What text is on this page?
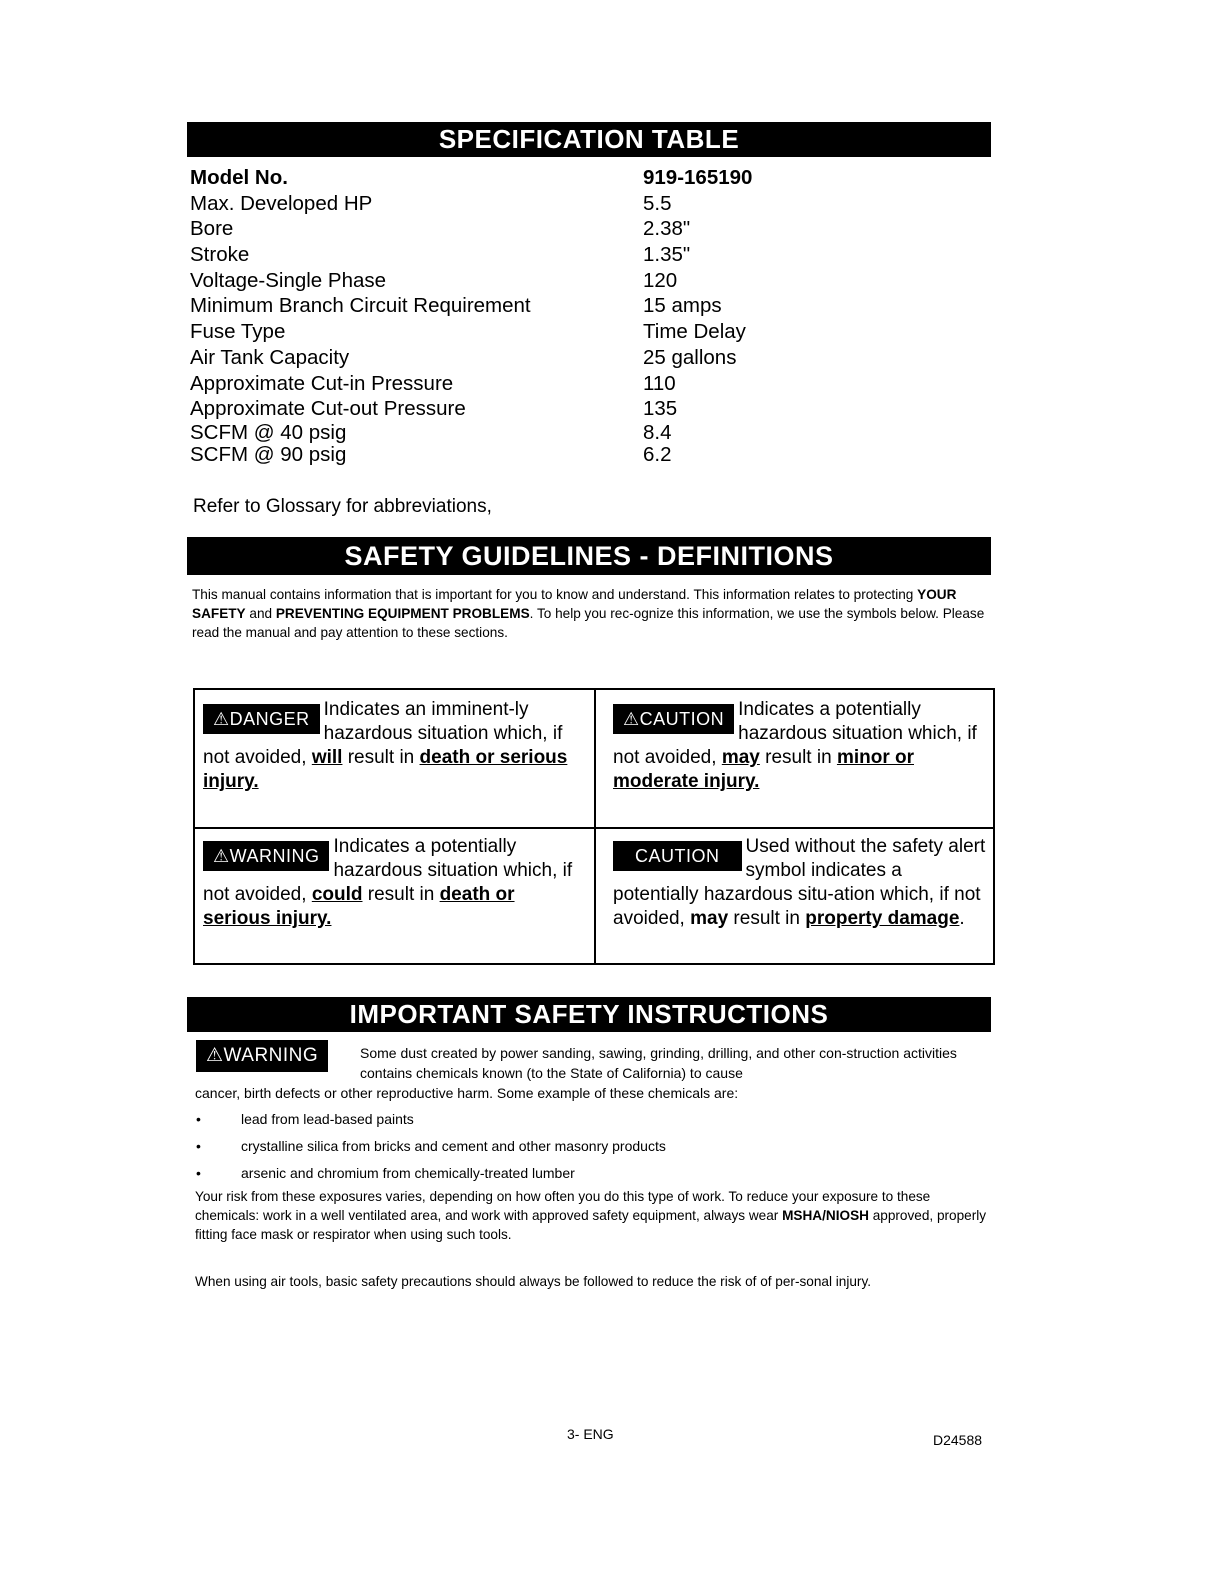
SPECIFICATION TABLE
Model No.	919-165190
Max. Developed HP	5.5
Bore	2.38"
Stroke	1.35"
Voltage-Single Phase	120
Minimum Branch Circuit Requirement	15 amps
Fuse Type	Time Delay
Air Tank Capacity	25 gallons
Approximate Cut-in Pressure	110
Approximate Cut-out Pressure	135
SCFM @ 40 psig	8.4
SCFM @ 90 psig	6.2
Refer to Glossary for abbreviations,
SAFETY GUIDELINES - DEFINITIONS
This manual contains information that is important for you to know and understand. This information relates to protecting YOUR SAFETY and PREVENTING EQUIPMENT PROBLEMS. To help you rec-ognize this information, we use the symbols below. Please read the manual and pay attention to these sections.
⚠DANGER Indicates an imminent-ly hazardous situation which, if not avoided, will result in death or serious injury.
⚠CAUTION Indicates a potentially hazardous situation which, if not avoided, may result in minor or moderate injury.
⚠WARNING Indicates a potentially hazardous situation which, if not avoided, could result in death or serious injury.
CAUTION	Used without the safety alert symbol indicates a potentially hazardous situ-ation which, if not avoided, may result in property damage.
IMPORTANT SAFETY INSTRUCTIONS
⚠WARNING	Some dust created by power sanding, sawing, grinding, drilling, and other con-struction activities contains chemicals known (to the State of California) to cause
cancer, birth defects or other reproductive harm. Some example of these chemicals are:
•	lead from lead-based paints
•	crystalline silica from bricks and cement and other masonry products
•	arsenic and chromium from chemically-treated lumber
Your risk from these exposures varies, depending on how often you do this type of work. To reduce your exposure to these chemicals: work in a well ventilated area, and work with approved safety equipment, always wear MSHA/NIOSH approved, properly fitting face mask or respirator when using such tools.
When using air tools, basic safety precautions should always be followed to reduce the risk of of per-sonal injury.
3- ENG	D24588
